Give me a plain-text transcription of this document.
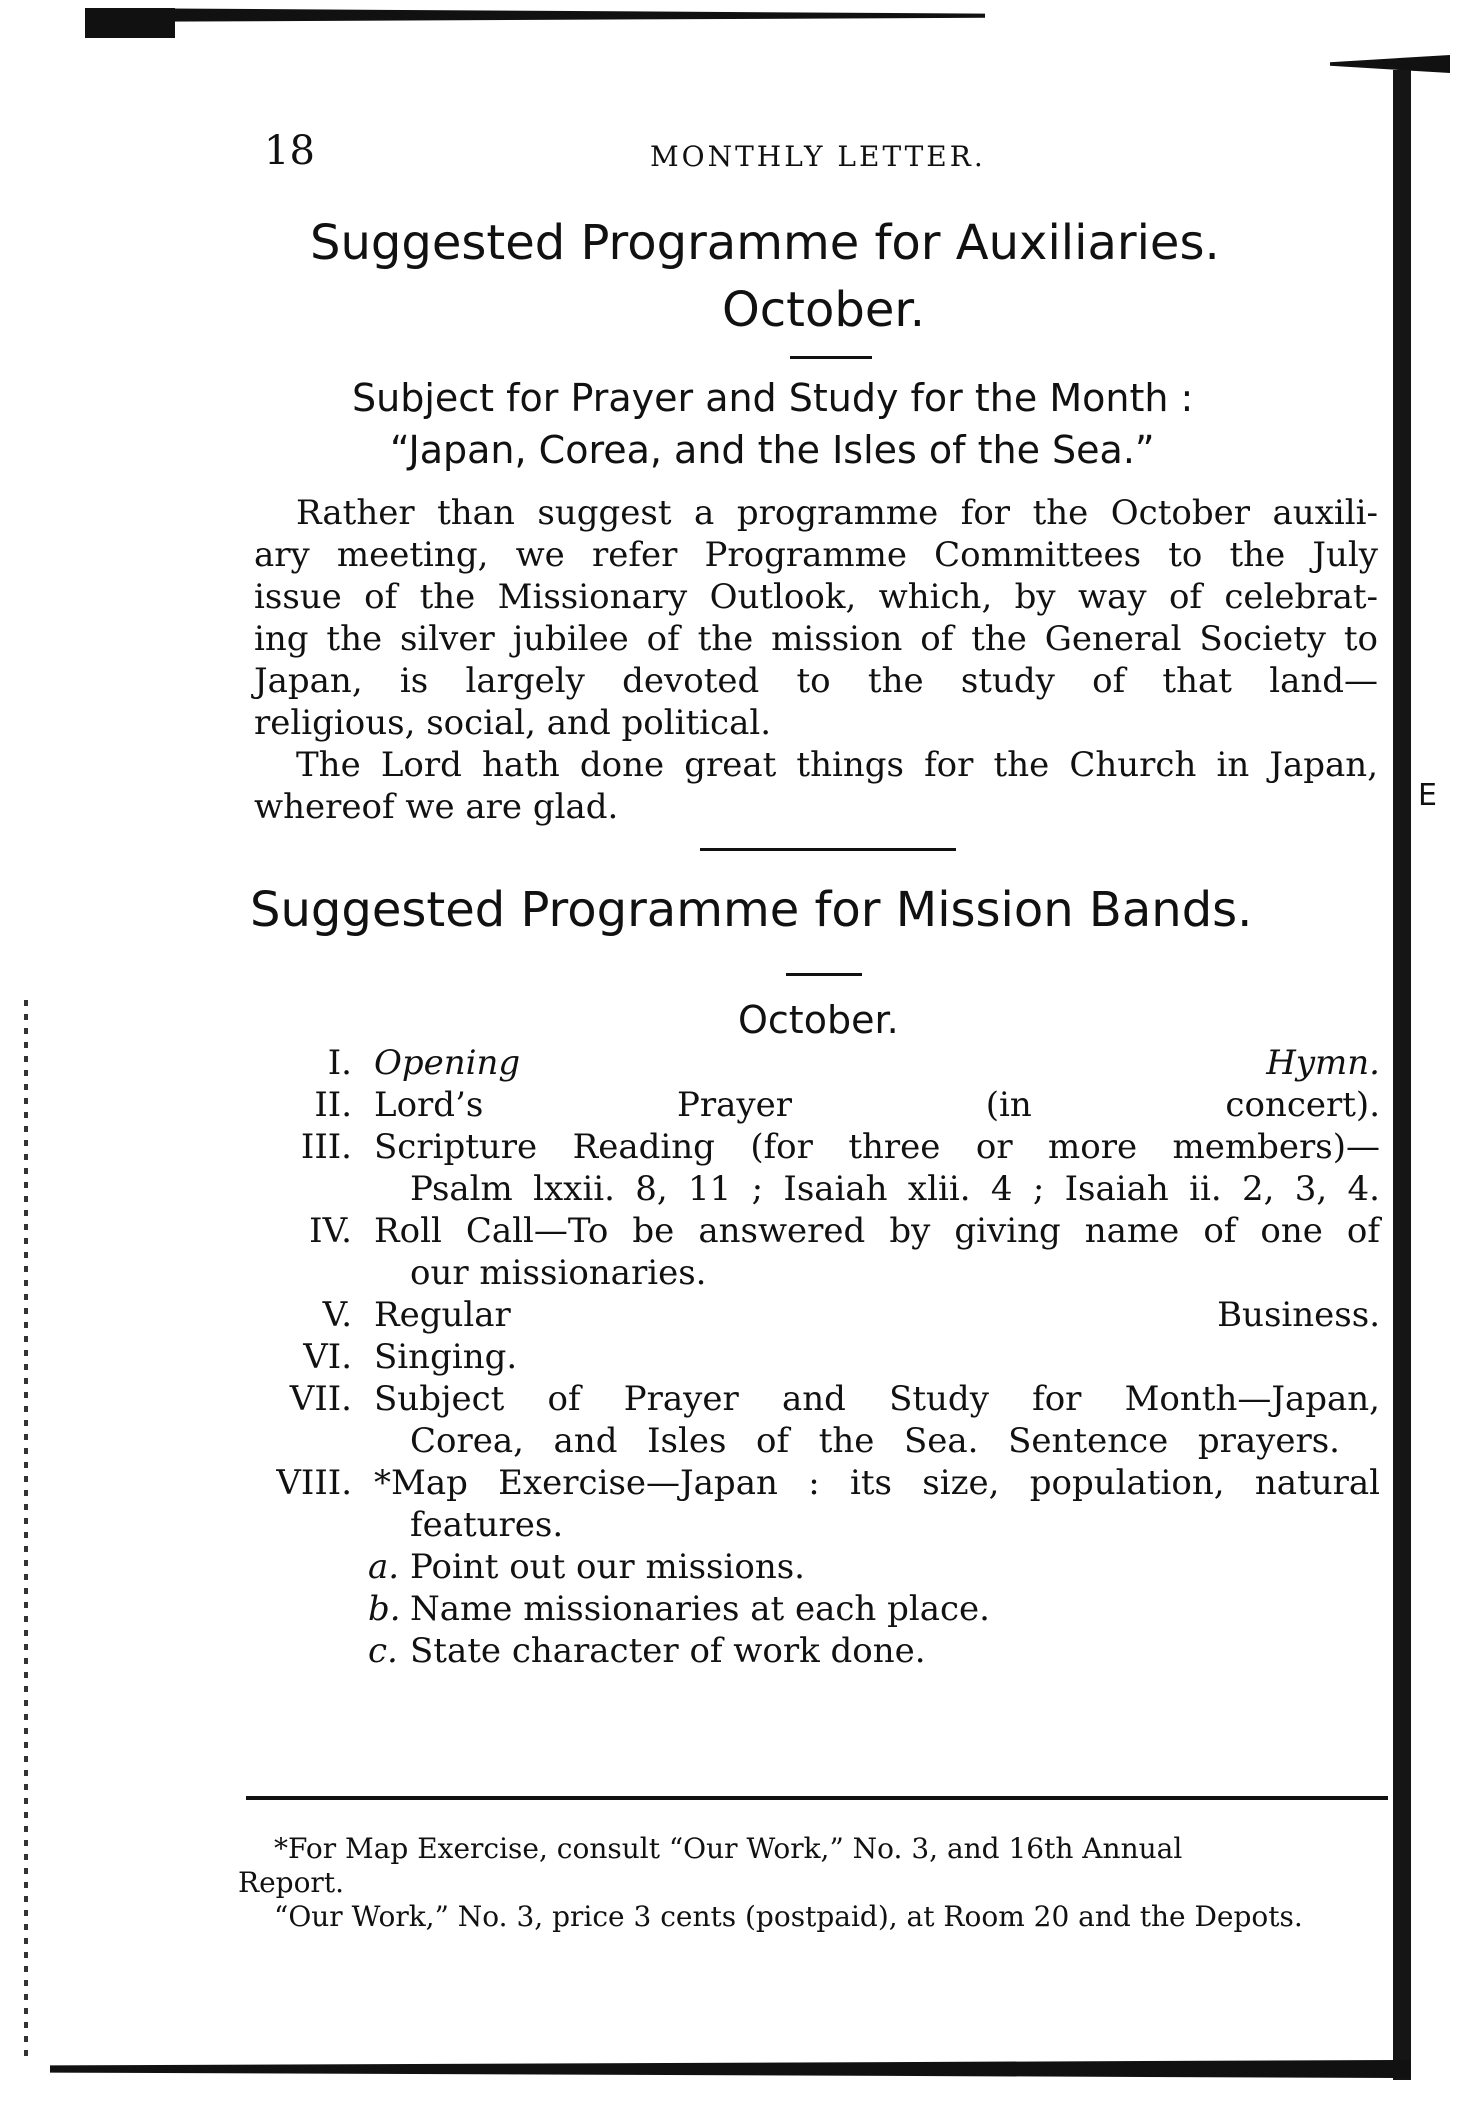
E
18	MONTHLY LETTER.
Suggested Programme for Auxiliaries.
October.
Subject for Prayer and Study for the Month :
“Japan, Corea, and the Isles of the Sea.”
Rather than suggest a programme for the October auxili-
ary meeting, we refer Programme Committees to the July
issue of the Missionary Outlook, which, by way of celebrat-
ing the silver jubilee of the mission of the General Society to
Japan, is largely devoted to the study of that land—
religious, social, and political.
The Lord hath done great things for the Church in Japan,
whereof we are glad.
Suggested Programme for Mission Bands.
October.
I. Opening Hymn.
II. Lord’s Prayer (in concert).
III. Scripture Reading (for three or more members)—
Psalm lxxii. 8, 11 ; Isaiah xlii. 4 ; Isaiah ii. 2, 3, 4.
IV. Roll Call—To be answered by giving name of one of
our missionaries.
V. Regular Business.
VI. Singing.
VII. Subject of Prayer and Study for Month—Japan,
Corea, and Isles of the Sea. Sentence prayers.
VIII. *Map Exercise—Japan : its size, population, natural
features.
a. Point out our missions.
b. Name missionaries at each place.
c. State character of work done.
*For Map Exercise, consult “Our Work,” No. 3, and 16th Annual
Report.
“Our Work,” No. 3, price 3 cents (postpaid), at Room 20 and the Depots.
